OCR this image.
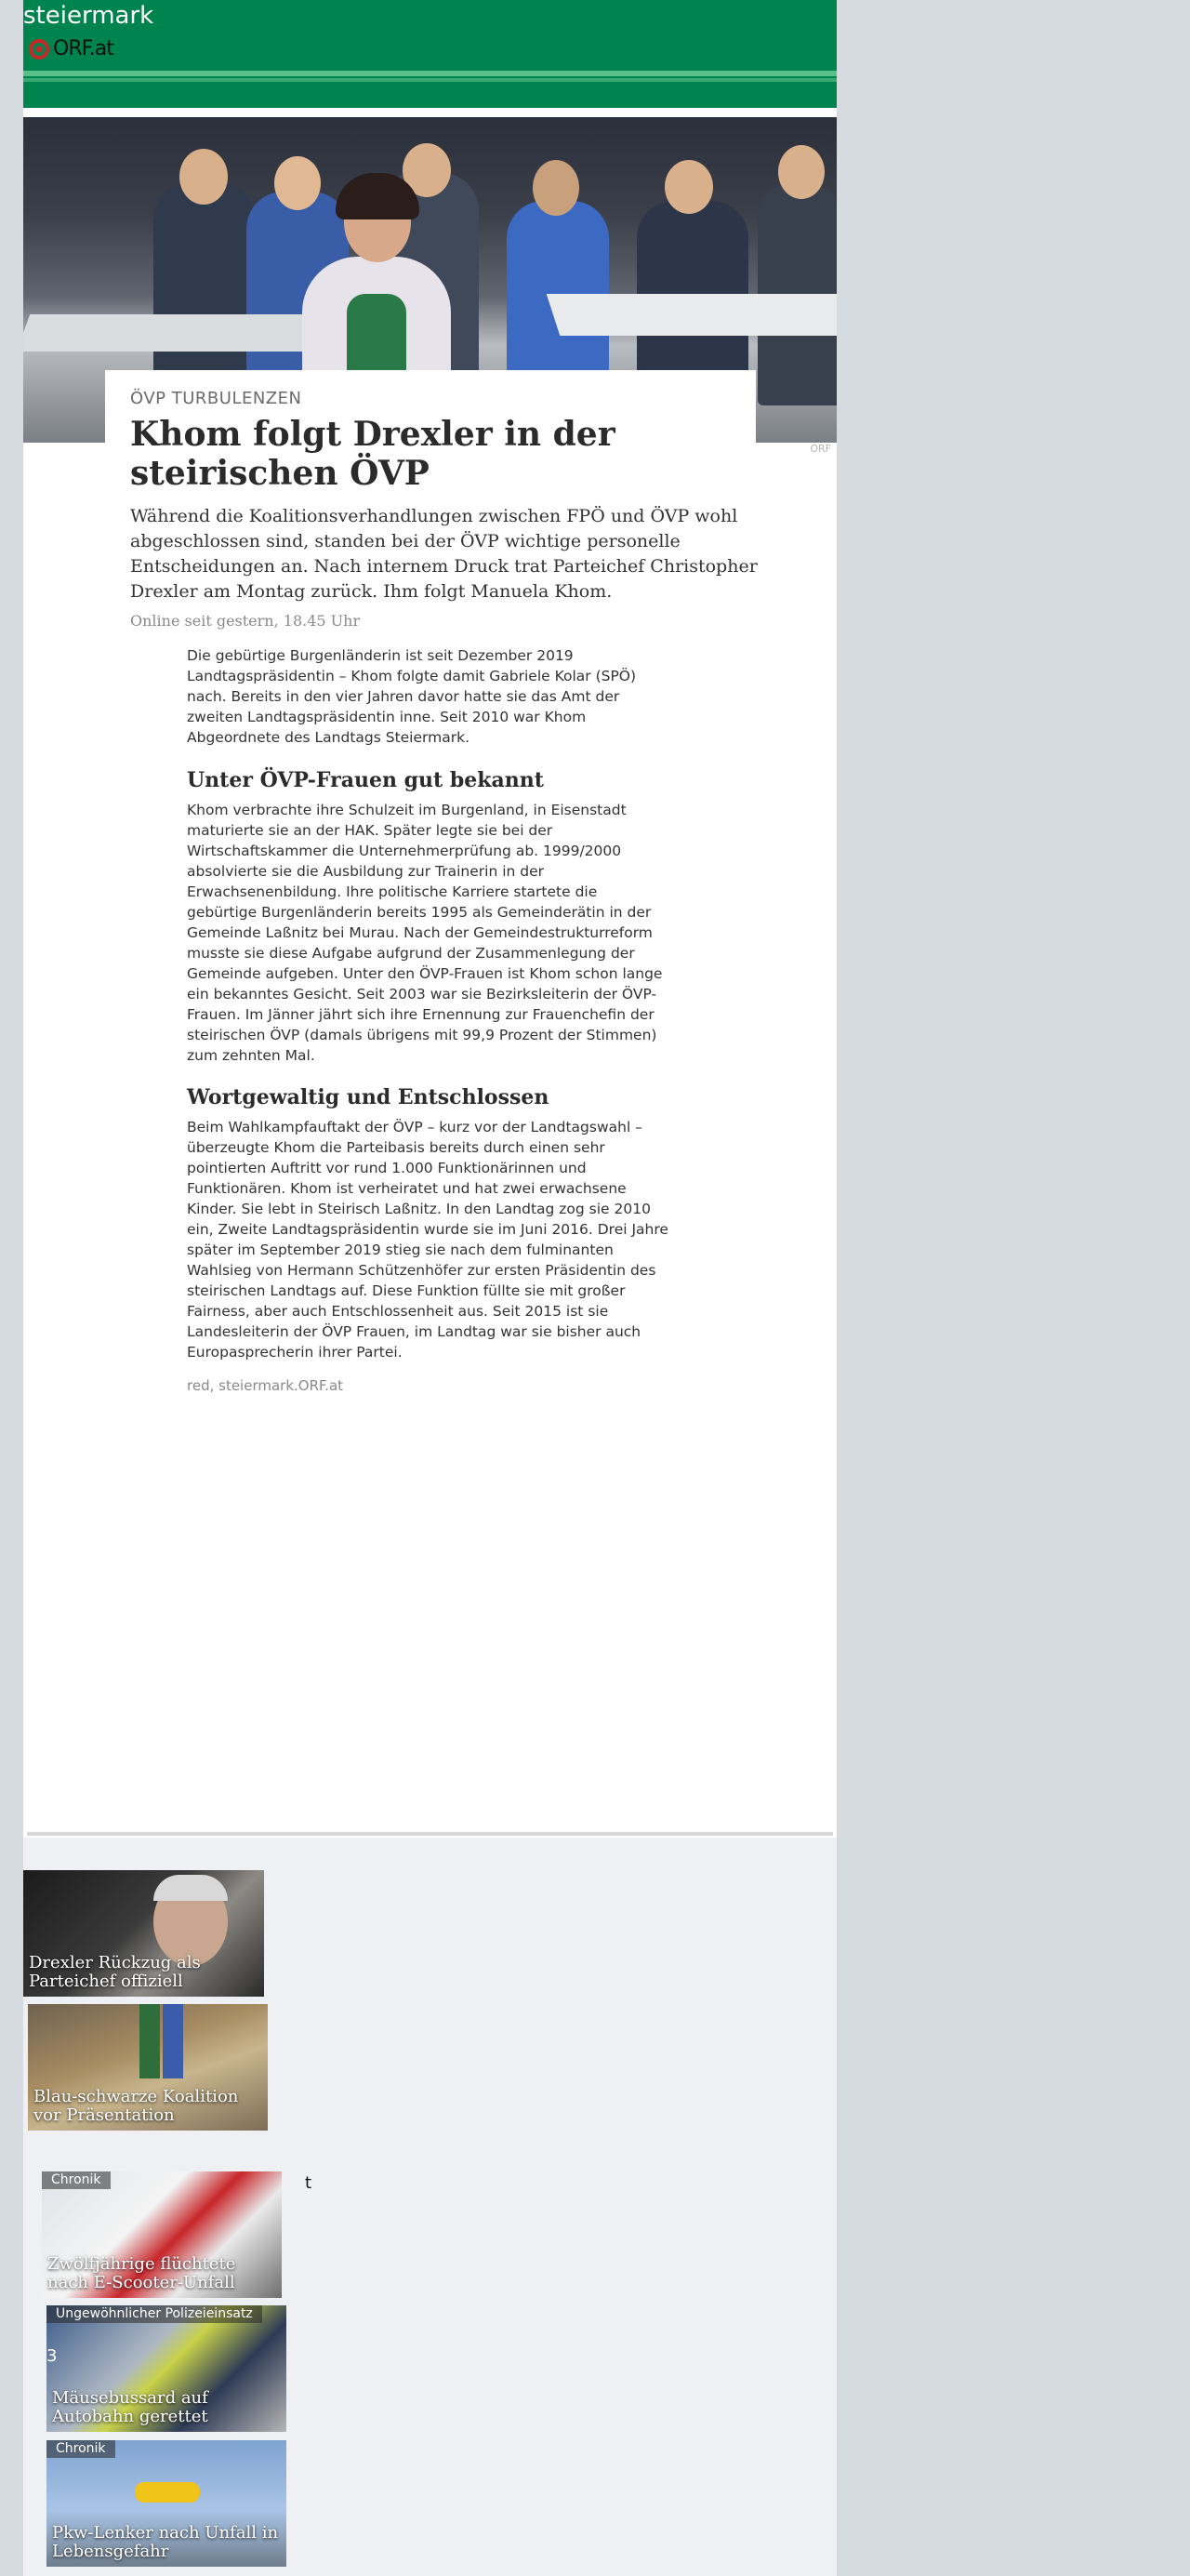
steiermark
ORF.at
ORF
ÖVP TURBULENZEN
Khom folgt Drexler in der steirischen ÖVP

Während die Koalitionsverhandlungen zwischen FPÖ und ÖVP wohl abgeschlossen sind, standen bei der ÖVP wichtige personelle Entscheidungen an. Nach internem Druck trat Parteichef Christopher Drexler am Montag zurück. Ihm folgt Manuela Khom.

Online seit gestern, 18.45 Uhr

Die gebürtige Burgenländerin ist seit Dezember 2019 Landtagspräsidentin – Khom folgte damit Gabriele Kolar (SPÖ) nach. Bereits in den vier Jahren davor hatte sie das Amt der zweiten Landtagspräsidentin inne. Seit 2010 war Khom Abgeordnete des Landtags Steiermark.

Unter ÖVP-Frauen gut bekannt

Khom verbrachte ihre Schulzeit im Burgenland, in Eisenstadt maturierte sie an der HAK. Später legte sie bei der Wirtschaftskammer die Unternehmerprüfung ab. 1999/2000 absolvierte sie die Ausbildung zur Trainerin in der Erwachsenenbildung. Ihre politische Karriere startete die gebürtige Burgenländerin bereits 1995 als Gemeinderätin in der Gemeinde Laßnitz bei Murau. Nach der Gemeindestrukturreform musste sie diese Aufgabe aufgrund der Zusammenlegung der Gemeinde aufgeben. Unter den ÖVP-Frauen ist Khom schon lange ein bekanntes Gesicht. Seit 2003 war sie Bezirksleiterin der ÖVP-Frauen. Im Jänner jährt sich ihre Ernennung zur Frauenchefin der steirischen ÖVP (damals übrigens mit 99,9 Prozent der Stimmen) zum zehnten Mal.

Wortgewaltig und Entschlossen

Beim Wahlkampfauftakt der ÖVP – kurz vor der Landtagswahl – überzeugte Khom die Parteibasis bereits durch einen sehr pointierten Auftritt vor rund 1.000 Funktionärinnen und Funktionären. Khom ist verheiratet und hat zwei erwachsene Kinder. Sie lebt in Steirisch Laßnitz. In den Landtag zog sie 2010 ein, Zweite Landtagspräsidentin wurde sie im Juni 2016. Drei Jahre später im September 2019 stieg sie nach dem fulminanten Wahlsieg von Hermann Schützenhöfer zur ersten Präsidentin des steirischen Landtags auf. Diese Funktion füllte sie mit großer Fairness, aber auch Entschlossenheit aus. Seit 2015 ist sie Landesleiterin der ÖVP Frauen, im Landtag war sie bisher auch Europasprecherin ihrer Partei.

red, steiermark.ORF.at
Drexler Rückzug als Parteichef offiziell
Blau-schwarze Koalition vor Präsentation
t
Chronik
Zwölfjährige flüchtete nach E-Scooter-Unfall
Ungewöhnlicher Polizeieinsatz
3
Mäusebussard auf Autobahn gerettet
Chronik
Pkw-Lenker nach Unfall in Lebensgefahr
